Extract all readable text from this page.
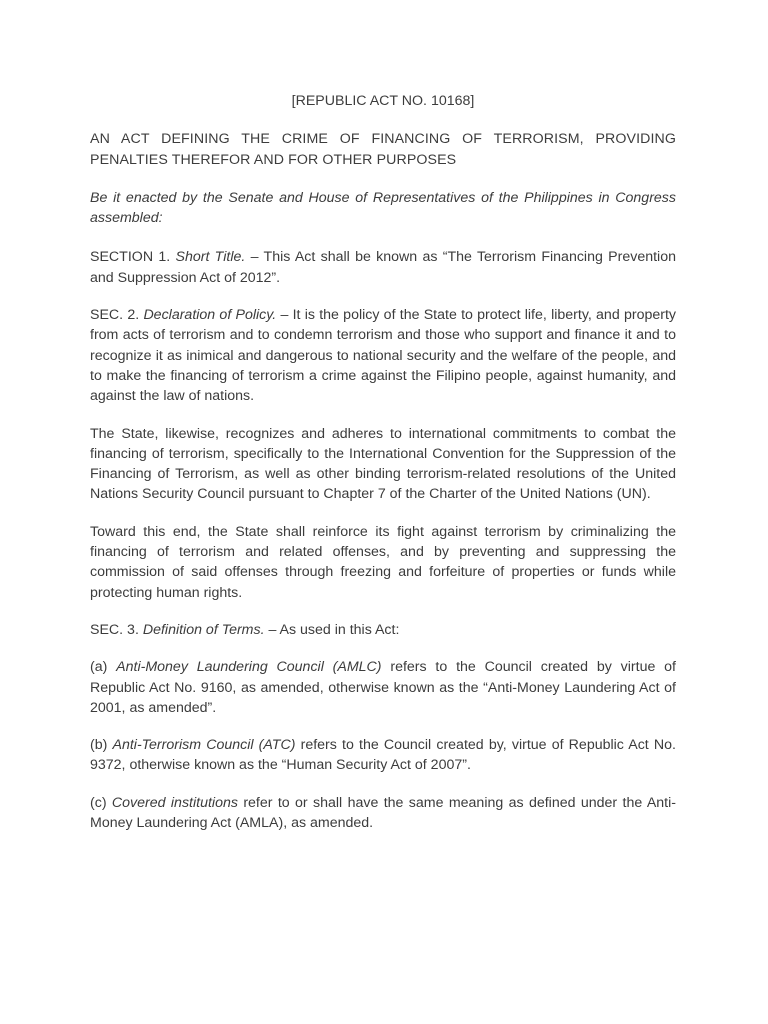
[REPUBLIC ACT NO. 10168]

AN ACT DEFINING THE CRIME OF FINANCING OF TERRORISM, PROVIDING PENALTIES THEREFOR AND FOR OTHER PURPOSES

Be it enacted by the Senate and House of Representatives of the Philippines in Congress assembled:

SECTION 1. Short Title. – This Act shall be known as “The Terrorism Financing Prevention and Suppression Act of 2012”.

SEC. 2. Declaration of Policy. – It is the policy of the State to protect life, liberty, and property from acts of terrorism and to condemn terrorism and those who support and finance it and to recognize it as inimical and dangerous to national security and the welfare of the people, and to make the financing of terrorism a crime against the Filipino people, against humanity, and against the law of nations.

The State, likewise, recognizes and adheres to international commitments to combat the financing of terrorism, specifically to the International Convention for the Suppression of the Financing of Terrorism, as well as other binding terrorism-related resolutions of the United Nations Security Council pursuant to Chapter 7 of the Charter of the United Nations (UN).

Toward this end, the State shall reinforce its fight against terrorism by criminalizing the financing of terrorism and related offenses, and by preventing and suppressing the commission of said offenses through freezing and forfeiture of properties or funds while protecting human rights.

SEC. 3. Definition of Terms. – As used in this Act:

(a) Anti-Money Laundering Council (AMLC) refers to the Council created by virtue of Republic Act No. 9160, as amended, otherwise known as the “Anti-Money Laundering Act of 2001, as amended”.

(b) Anti-Terrorism Council (ATC) refers to the Council created by, virtue of Republic Act No. 9372, otherwise known as the “Human Security Act of 2007”.

(c) Covered institutions refer to or shall have the same meaning as defined under the Anti-Money Laundering Act (AMLA), as amended.
